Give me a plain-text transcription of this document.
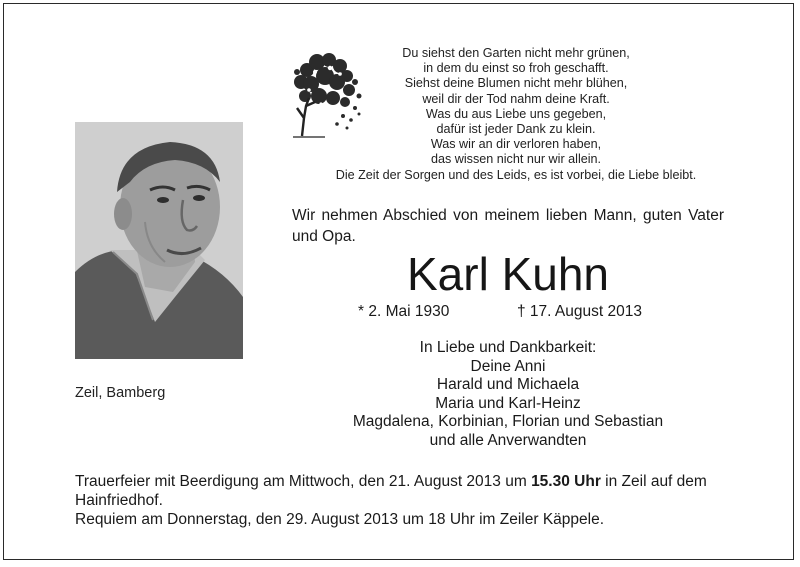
Du siehst den Garten nicht mehr grünen,
in dem du einst so froh geschafft.
Siehst deine Blumen nicht mehr blühen,
weil dir der Tod nahm deine Kraft.
Was du aus Liebe uns gegeben,
dafür ist jeder Dank zu klein.
Was wir an dir verloren haben,
das wissen nicht nur wir allein.
Die Zeit der Sorgen und des Leids, es ist vorbei, die Liebe bleibt.
Zeil, Bamberg
Wir nehmen Abschied von meinem lieben Mann, guten Vater und Opa.
Karl Kuhn
* 2. Mai 1930	† 17. August 2013
In Liebe und Dankbarkeit:
Deine Anni
Harald und Michaela
Maria und Karl-Heinz
Magdalena, Korbinian, Florian und Sebastian
und alle Anverwandten

Trauerfeier mit Beerdigung am Mittwoch, den 21. August 2013 um 15.30 Uhr in Zeil auf dem Hainfriedhof.

Requiem am Donnerstag, den 29. August 2013 um 18 Uhr im Zeiler Käppele.
